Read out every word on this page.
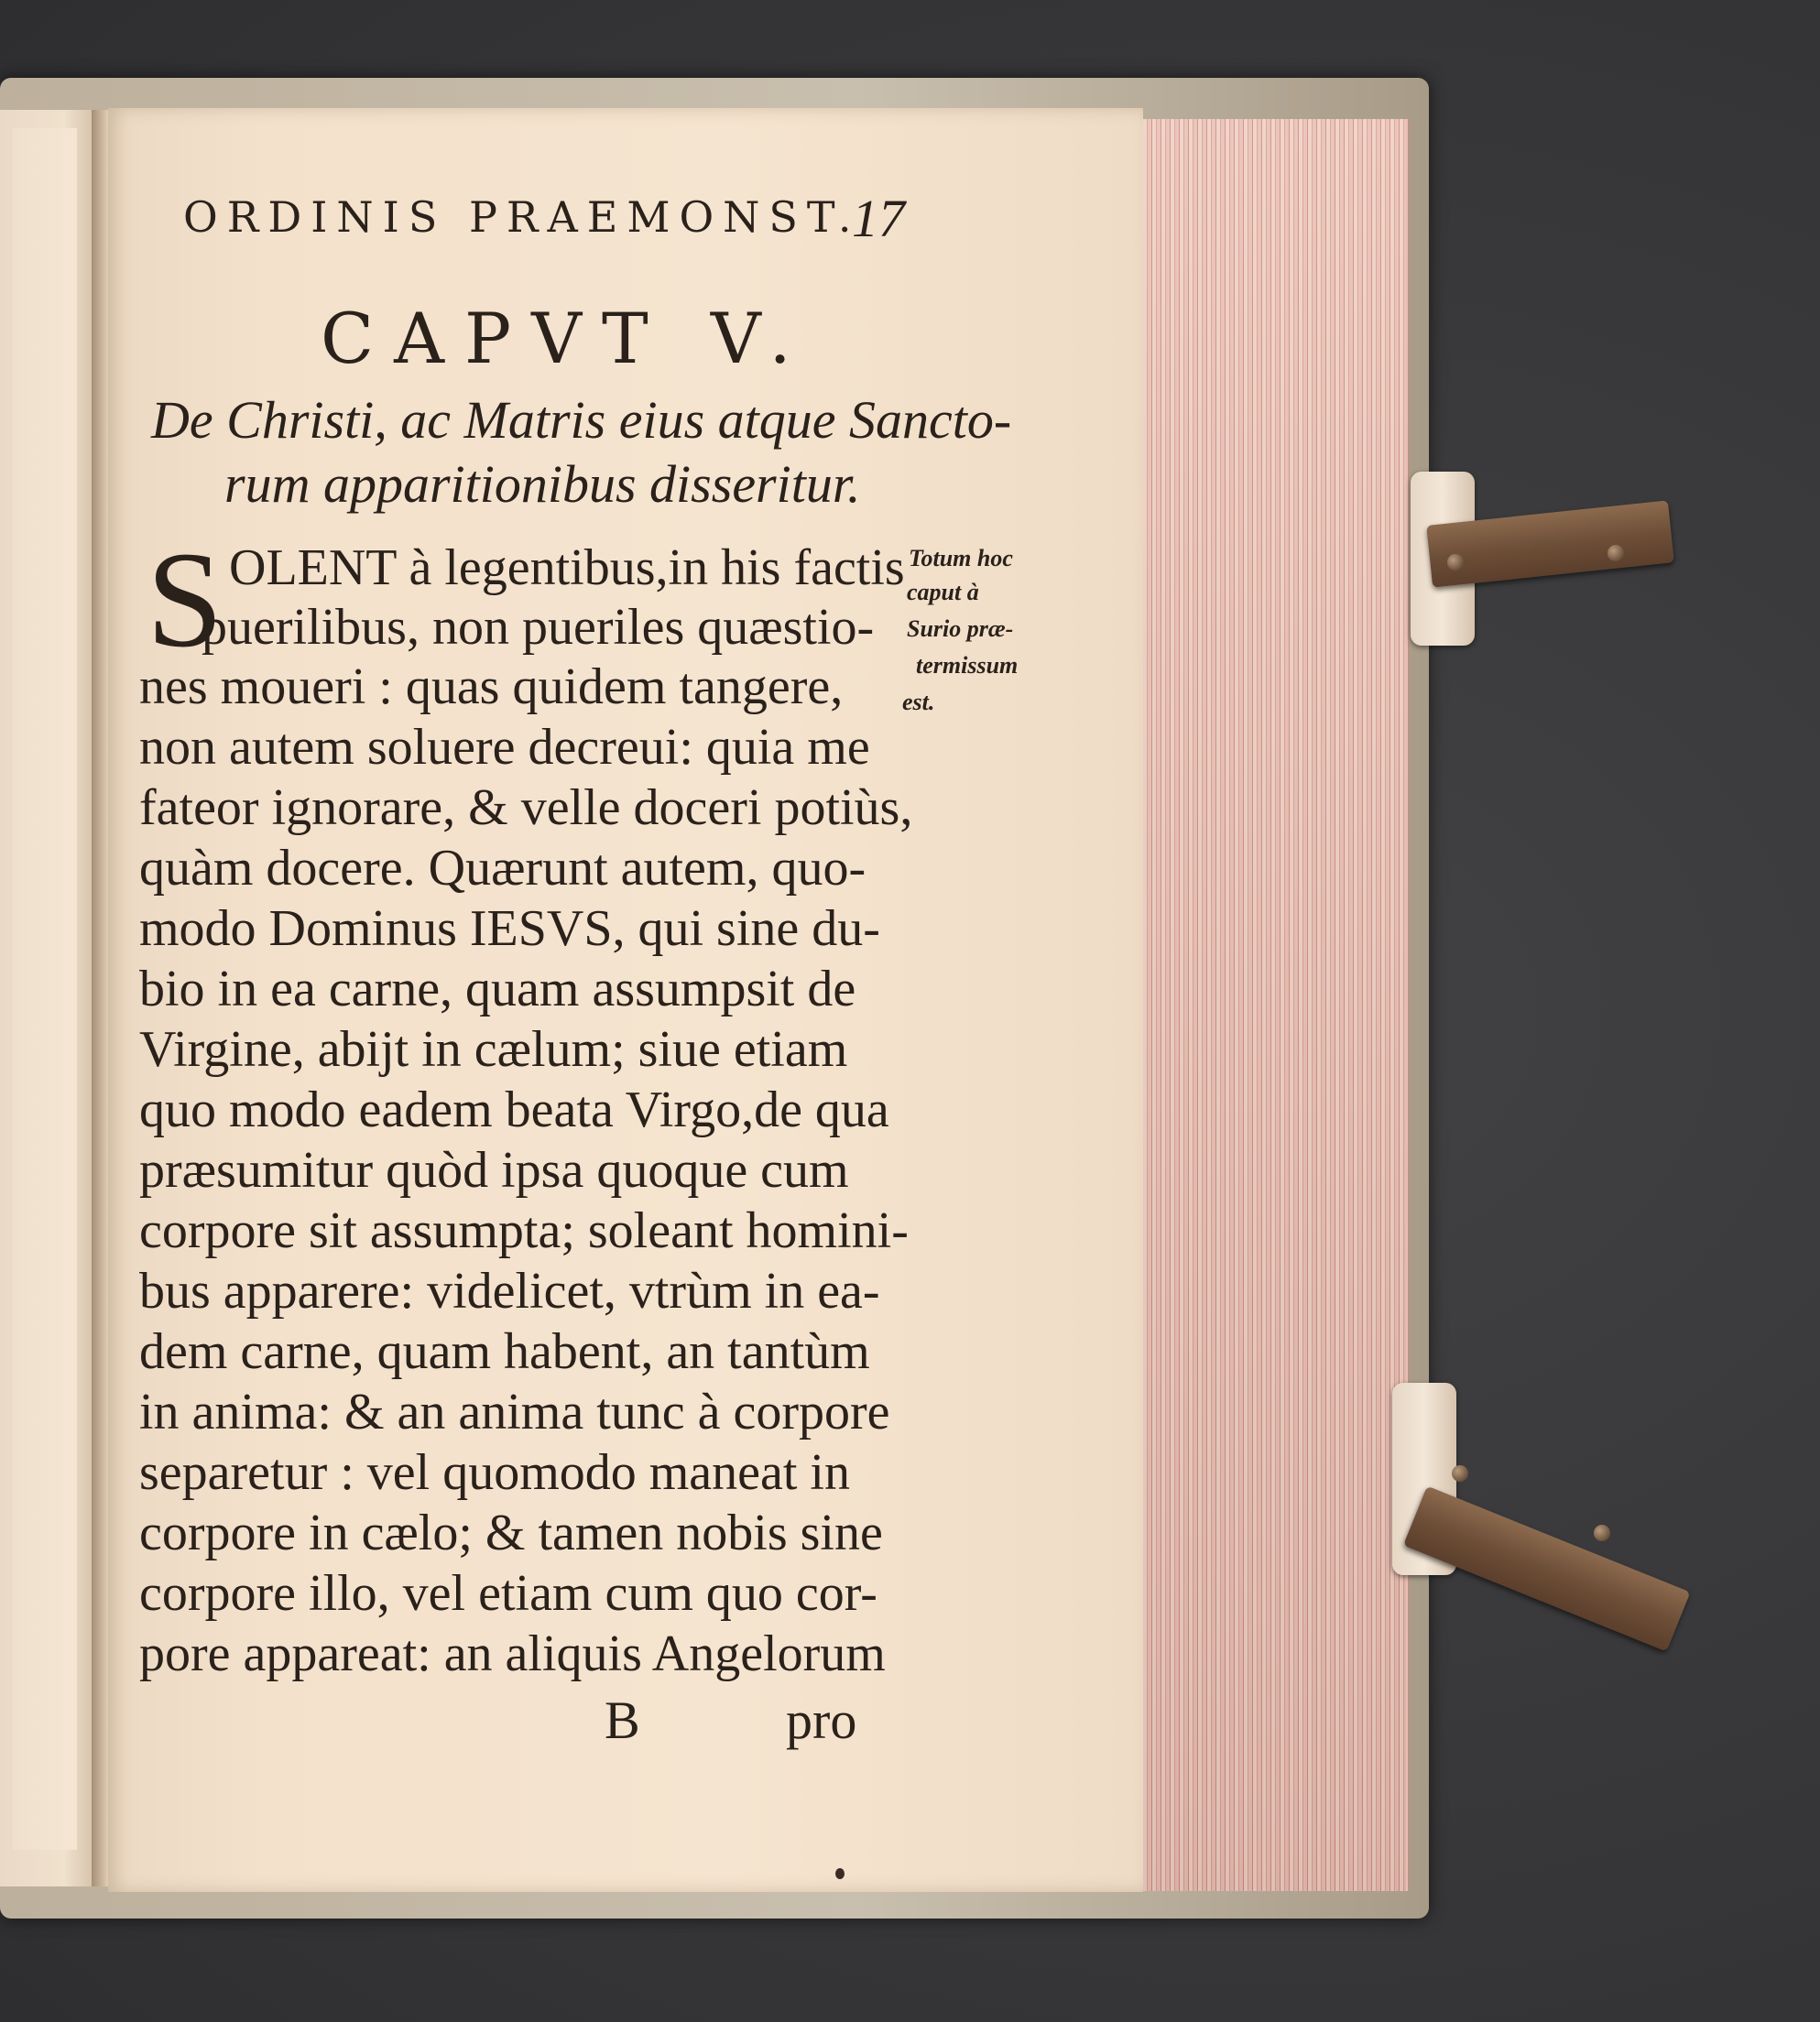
ORDINIS PRAEMONST.
17
CAPVT V.
De Christi, ac Matris eius atque Sancto-
rum apparitionibus disseritur.
S OLENT à legentibus,in his factis
puerilibus, non pueriles quæstio-
nes moueri : quas quidem tangere,
non autem soluere decreui: quia me
fateor ignorare, & velle doceri potiùs,
quàm docere. Quærunt autem, quo-
modo Dominus IESVS, qui sine du-
bio in ea carne, quam assumpsit de
Virgine, abijt in cælum; siue etiam
quo modo eadem beata Virgo,de qua
præsumitur quòd ipsa quoque cum
corpore sit assumpta; soleant homini-
bus apparere: videlicet, vtrùm in ea-
dem carne, quam habent, an tantùm
in anima: & an anima tunc à corpore
separetur : vel quomodo maneat in
corpore in cælo; & tamen nobis sine
corpore illo, vel etiam cum quo cor-
pore appareat: an aliquis Angelorum
Totum hoc
caput à
Surio præ-
termissum
est.
B	pro
